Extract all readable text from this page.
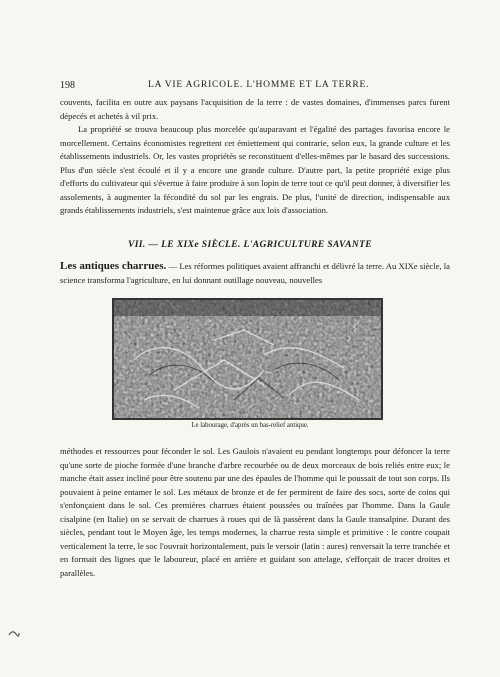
198	LA VIE AGRICOLE. L'HOMME ET LA TERRE.

couvents, facilita en outre aux paysans l'acquisition de la terre : de vastes domaines, d'immenses parcs furent dépecés et achetés à vil prix.

La propriété se trouva beaucoup plus morcelée qu'auparavant et l'égalité des partages favorisa encore le morcellement. Certains économistes regrettent cet émiettement qui contrarie, selon eux, la grande culture et les établissements industriels. Or, les vastes propriétés se reconstituent d'elles-mêmes par le hasard des successions. Plus d'un siècle s'est écoulé et il y a encore une grande culture. D'autre part, la petite propriété exige plus d'efforts du cultivateur qui s'évertue à faire produire à son lopin de terre tout ce qu'il peut donner, à diversifier les assolements, à augmenter la fécondité du sol par les engrais. De plus, l'unité de direction, indispensable aux grands établissements industriels, s'est maintenue grâce aux lois d'association.

VII. — LE XIXe SIÈCLE. L'AGRICULTURE SAVANTE

Les antiques charrues. — Les réformes politiques avaient affranchi et délivré la terre. Au XIXe siècle, la science transforma l'agriculture, en lui donnant outillage nouveau, nouvelles

Le labourage, d'après un bas-relief antique.
méthodes et ressources pour féconder le sol. Les Gaulois n'avaient eu pendant longtemps pour défoncer la terre qu'une sorte de pioche formée d'une branche d'arbre recourbée ou de deux morceaux de bois reliés entre eux; le manche était assez incliné pour être soutenu par une des épaules de l'homme qui le poussait de tout son corps. Ils pouvaient à peine entamer le sol. Les métaux de bronze et de fer permirent de faire des socs, sorte de coins qui s'enfonçaient dans le sol. Ces premières charrues étaient poussées ou traînées par l'homme. Dans la Gaule cisalpine (en Italie) on se servait de charrues à roues qui de là passèrent dans la Gaule transalpine. Durant des siècles, pendant tout le Moyen âge, les temps modernes, la charrue resta simple et primitive : le contre coupait verticalement la terre, le soc l'ouvrait horizontalement, puis le versoir (latin : aures) renversait la terre tranchée et en formait des lignes que le laboureur, placé en arrière et guidant son attelage, s'efforçait de tracer droites et parallèles.
